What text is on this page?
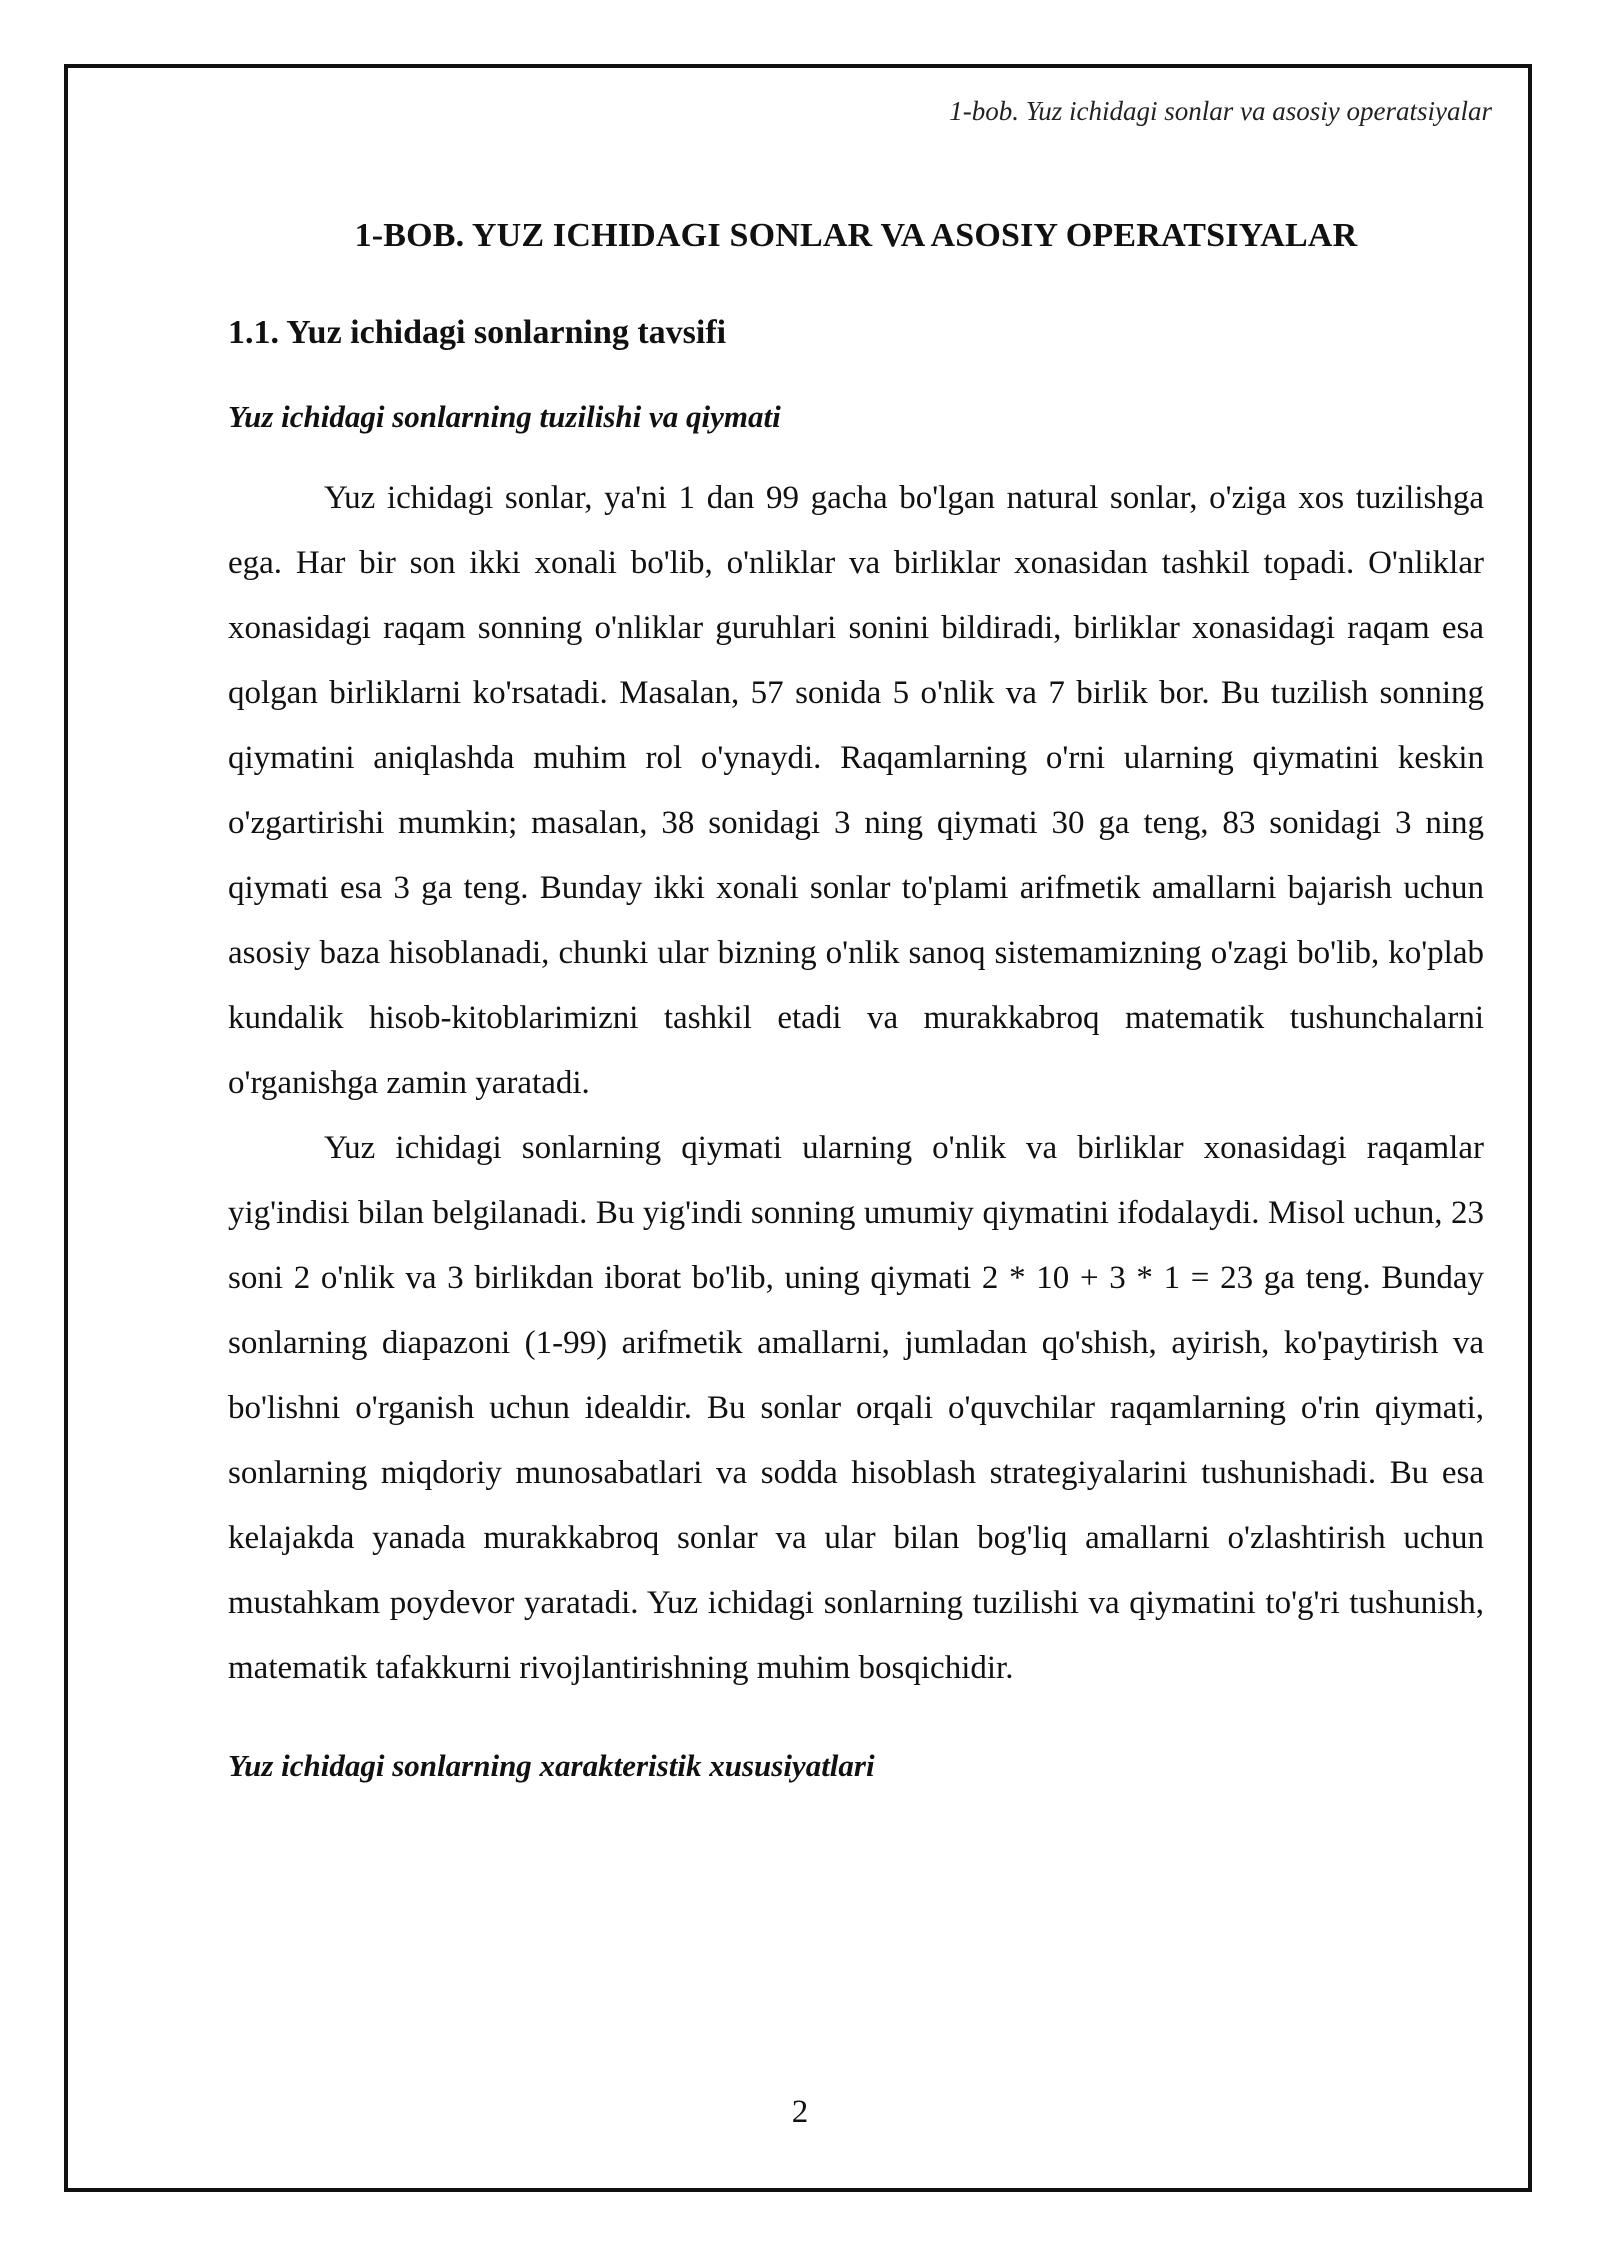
1-bob. Yuz ichidagi sonlar va asosiy operatsiyalar
1-BOB. YUZ ICHIDAGI SONLAR VA ASOSIY OPERATSIYALAR
1.1. Yuz ichidagi sonlarning tavsifi
Yuz ichidagi sonlarning tuzilishi va qiymati

Yuz ichidagi sonlar, ya'ni 1 dan 99 gacha bo'lgan natural sonlar, o'ziga xos tuzilishga ega. Har bir son ikki xonali bo'lib, o'nliklar va birliklar xonasidan tashkil topadi. O'nliklar xonasidagi raqam sonning o'nliklar guruhlari sonini bildiradi, birliklar xonasidagi raqam esa qolgan birliklarni ko'rsatadi. Masalan, 57 sonida 5 o'nlik va 7 birlik bor. Bu tuzilish sonning qiymatini aniqlashda muhim rol o'ynaydi. Raqamlarning o'rni ularning qiymatini keskin o'zgartirishi mumkin; masalan, 38 sonidagi 3 ning qiymati 30 ga teng, 83 sonidagi 3 ning qiymati esa 3 ga teng. Bunday ikki xonali sonlar to'plami arifmetik amallarni bajarish uchun asosiy baza hisoblanadi, chunki ular bizning o'nlik sanoq sistemamizning o'zagi bo'lib, ko'plab kundalik hisob-kitoblarimizni tashkil etadi va murakkabroq matematik tushunchalarni o'rganishga zamin yaratadi.

Yuz ichidagi sonlarning qiymati ularning o'nlik va birliklar xonasidagi raqamlar yig'indisi bilan belgilanadi. Bu yig'indi sonning umumiy qiymatini ifodalaydi. Misol uchun, 23 soni 2 o'nlik va 3 birlikdan iborat bo'lib, uning qiymati 2 * 10 + 3 * 1 = 23 ga teng. Bunday sonlarning diapazoni (1-99) arifmetik amallarni, jumladan qo'shish, ayirish, ko'paytirish va bo'lishni o'rganish uchun idealdir. Bu sonlar orqali o'quvchilar raqamlarning o'rin qiymati, sonlarning miqdoriy munosabatlari va sodda hisoblash strategiyalarini tushunishadi. Bu esa kelajakda yanada murakkabroq sonlar va ular bilan bog'liq amallarni o'zlashtirish uchun mustahkam poydevor yaratadi. Yuz ichidagi sonlarning tuzilishi va qiymatini to'g'ri tushunish, matematik tafakkurni rivojlantirishning muhim bosqichidir.

Yuz ichidagi sonlarning xarakteristik xususiyatlari
2
